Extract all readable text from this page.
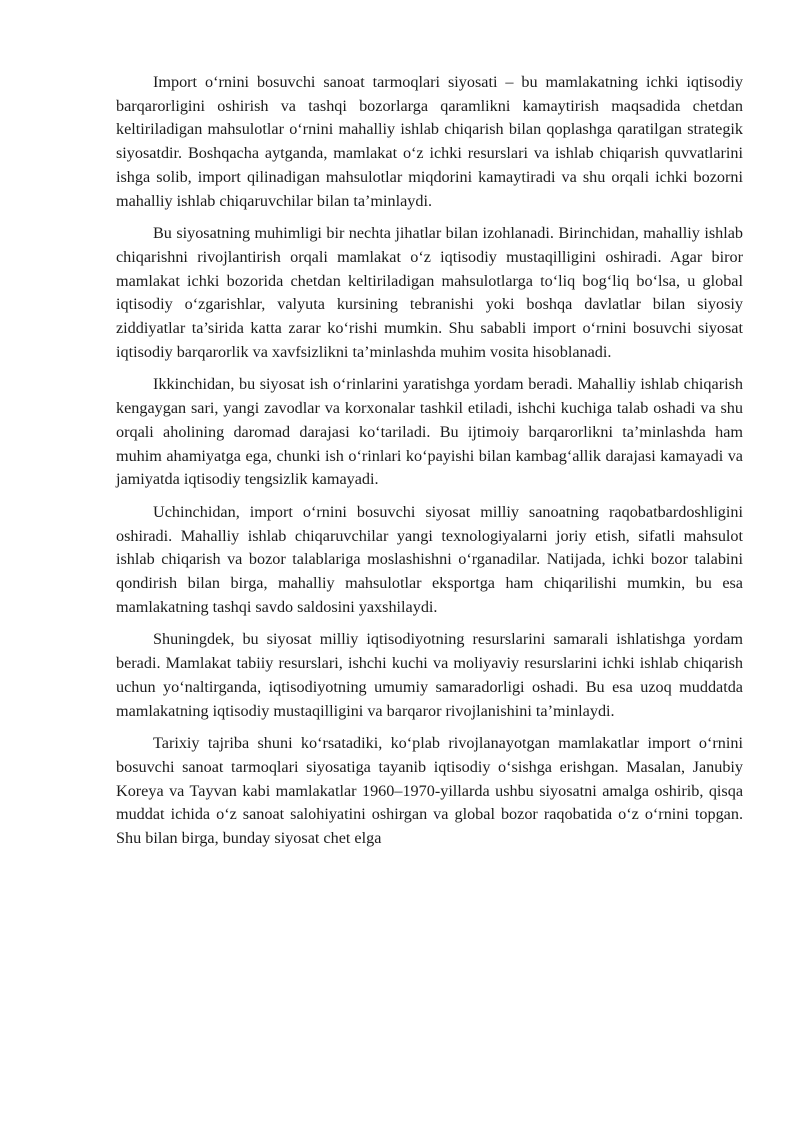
Import o‘rnini bosuvchi sanoat tarmoqlari siyosati – bu mamlakatning ichki iqtisodiy barqarorligini oshirish va tashqi bozorlarga qaramlikni kamaytirish maqsadida chetdan keltiriladigan mahsulotlar o‘rnini mahalliy ishlab chiqarish bilan qoplashga qaratilgan strategik siyosatdir. Boshqacha aytganda, mamlakat o‘z ichki resurslari va ishlab chiqarish quvvatlarini ishga solib, import qilinadigan mahsulotlar miqdorini kamaytiradi va shu orqali ichki bozorni mahalliy ishlab chiqaruvchilar bilan ta’minlaydi.

Bu siyosatning muhimligi bir nechta jihatlar bilan izohlanadi. Birinchidan, mahalliy ishlab chiqarishni rivojlantirish orqali mamlakat o‘z iqtisodiy mustaqilligini oshiradi. Agar biror mamlakat ichki bozorida chetdan keltiriladigan mahsulotlarga to‘liq bog‘liq bo‘lsa, u global iqtisodiy o‘zgarishlar, valyuta kursining tebranishi yoki boshqa davlatlar bilan siyosiy ziddiyatlar ta’sirida katta zarar ko‘rishi mumkin. Shu sababli import o‘rnini bosuvchi siyosat iqtisodiy barqarorlik va xavfsizlikni ta’minlashda muhim vosita hisoblanadi.

Ikkinchidan, bu siyosat ish o‘rinlarini yaratishga yordam beradi. Mahalliy ishlab chiqarish kengaygan sari, yangi zavodlar va korxonalar tashkil etiladi, ishchi kuchiga talab oshadi va shu orqali aholining daromad darajasi ko‘tariladi. Bu ijtimoiy barqarorlikni ta’minlashda ham muhim ahamiyatga ega, chunki ish o‘rinlari ko‘payishi bilan kambag‘allik darajasi kamayadi va jamiyatda iqtisodiy tengsizlik kamayadi.

Uchinchidan, import o‘rnini bosuvchi siyosat milliy sanoatning raqobatbardoshligini oshiradi. Mahalliy ishlab chiqaruvchilar yangi texnologiyalarni joriy etish, sifatli mahsulot ishlab chiqarish va bozor talablariga moslashishni o‘rganadilar. Natijada, ichki bozor talabini qondirish bilan birga, mahalliy mahsulotlar eksportga ham chiqarilishi mumkin, bu esa mamlakatning tashqi savdo saldosini yaxshilaydi.

Shuningdek, bu siyosat milliy iqtisodiyotning resurslarini samarali ishlatishga yordam beradi. Mamlakat tabiiy resurslari, ishchi kuchi va moliyaviy resurslarini ichki ishlab chiqarish uchun yo‘naltirganda, iqtisodiyotning umumiy samaradorligi oshadi. Bu esa uzoq muddatda mamlakatning iqtisodiy mustaqilligini va barqaror rivojlanishini ta’minlaydi.

Tarixiy tajriba shuni ko‘rsatadiki, ko‘plab rivojlanayotgan mamlakatlar import o‘rnini bosuvchi sanoat tarmoqlari siyosatiga tayanib iqtisodiy o‘sishga erishgan. Masalan, Janubiy Koreya va Tayvan kabi mamlakatlar 1960–1970-yillarda ushbu siyosatni amalga oshirib, qisqa muddat ichida o‘z sanoat salohiyatini oshirgan va global bozor raqobatida o‘z o‘rnini topgan. Shu bilan birga, bunday siyosat chet elga
